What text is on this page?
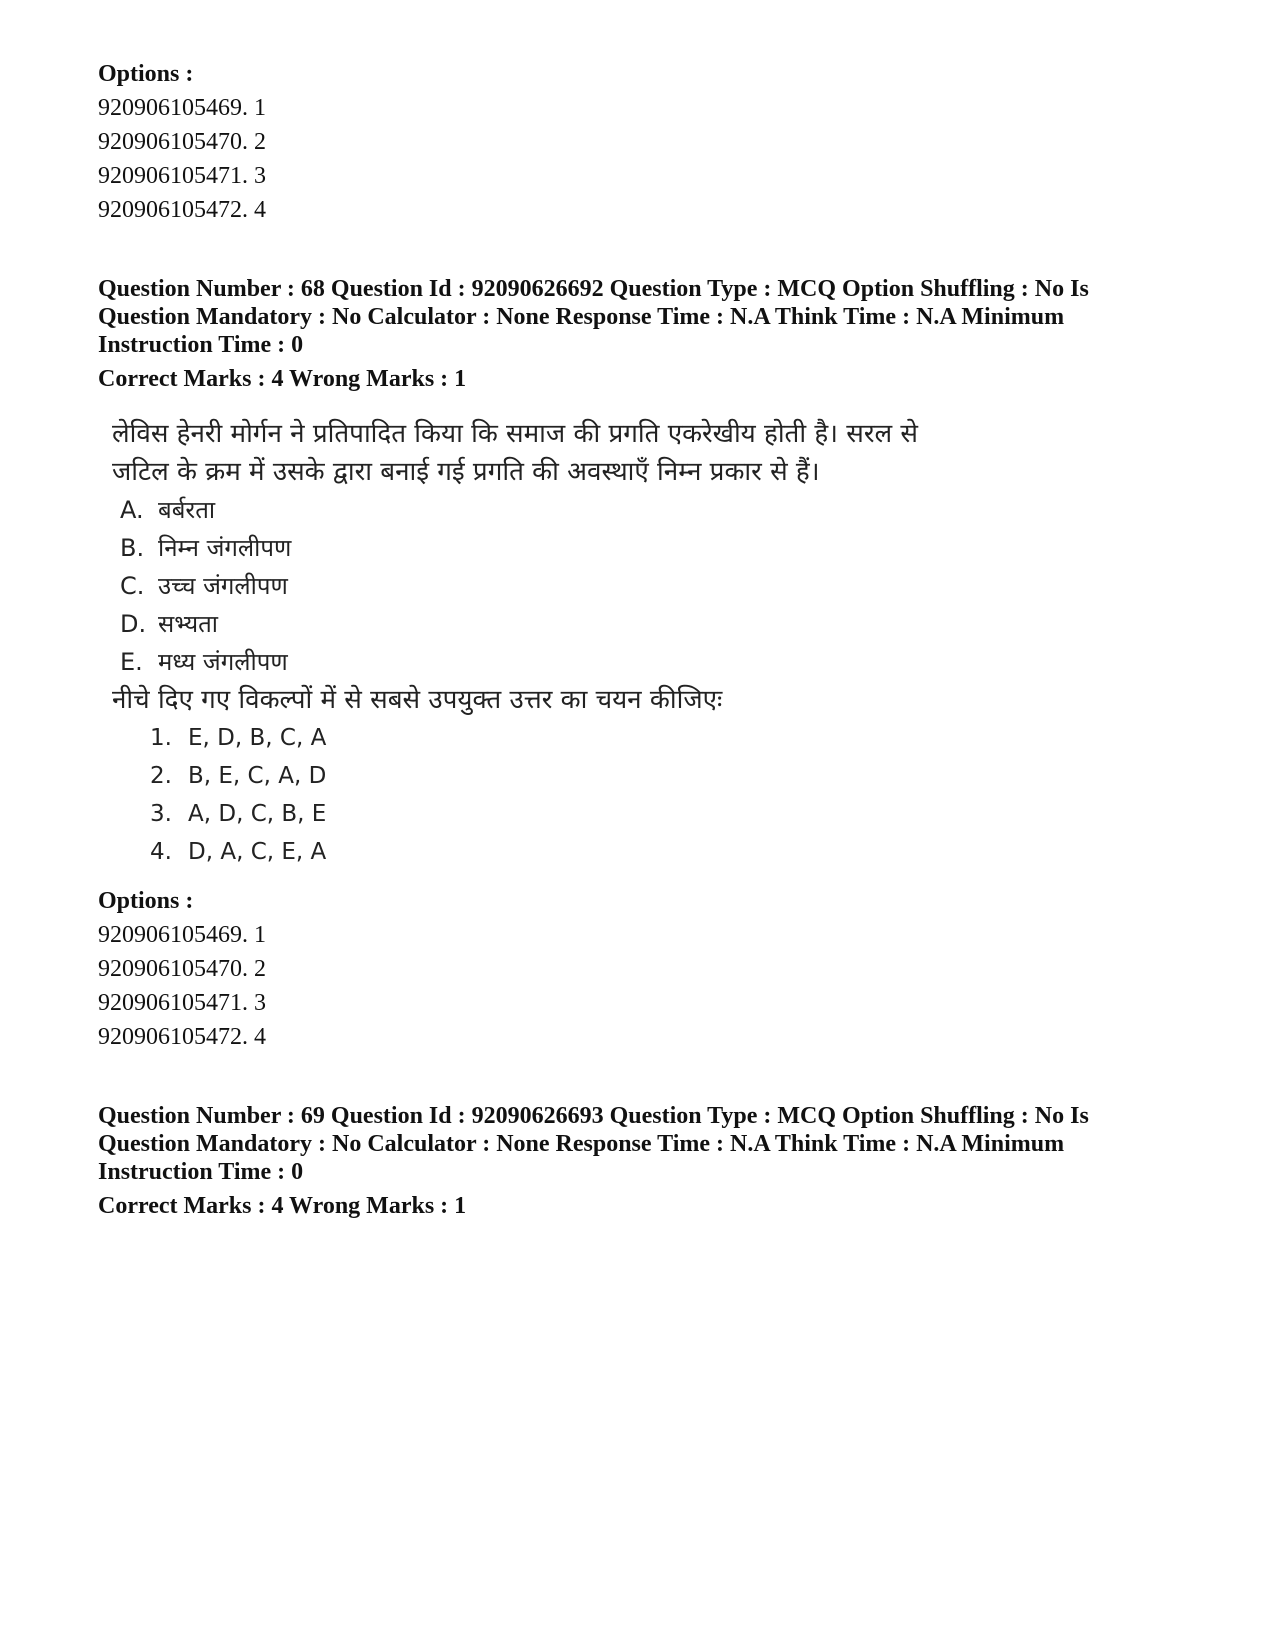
Options :
920906105469. 1
920906105470. 2
920906105471. 3
920906105472. 4

Question Number : 68 Question Id : 92090626692 Question Type : MCQ Option Shuffling : No Is

Question Mandatory : No Calculator : None Response Time : N.A Think Time : N.A Minimum

Instruction Time : 0

Correct Marks : 4 Wrong Marks : 1
लेविस हेनरी मोर्गन ने प्रतिपादित किया कि समाज की प्रगति एकरेखीय होती है। सरल से
जटिल के क्रम में उसके द्वारा बनाई गई प्रगति की अवस्थाएँ निम्न प्रकार से हैं।
A. बर्बरता
B. निम्न जंगलीपण
C. उच्च जंगलीपण
D. सभ्यता
E. मध्य जंगलीपण
नीचे दिए गए विकल्पों में से सबसे उपयुक्त उत्तर का चयन कीजिएः
1. E, D, B, C, A
2. B, E, C, A, D
3. A, D, C, B, E
4. D, A, C, E, A
Options :
920906105469. 1
920906105470. 2
920906105471. 3
920906105472. 4

Question Number : 69 Question Id : 92090626693 Question Type : MCQ Option Shuffling : No Is

Question Mandatory : No Calculator : None Response Time : N.A Think Time : N.A Minimum

Instruction Time : 0

Correct Marks : 4 Wrong Marks : 1
